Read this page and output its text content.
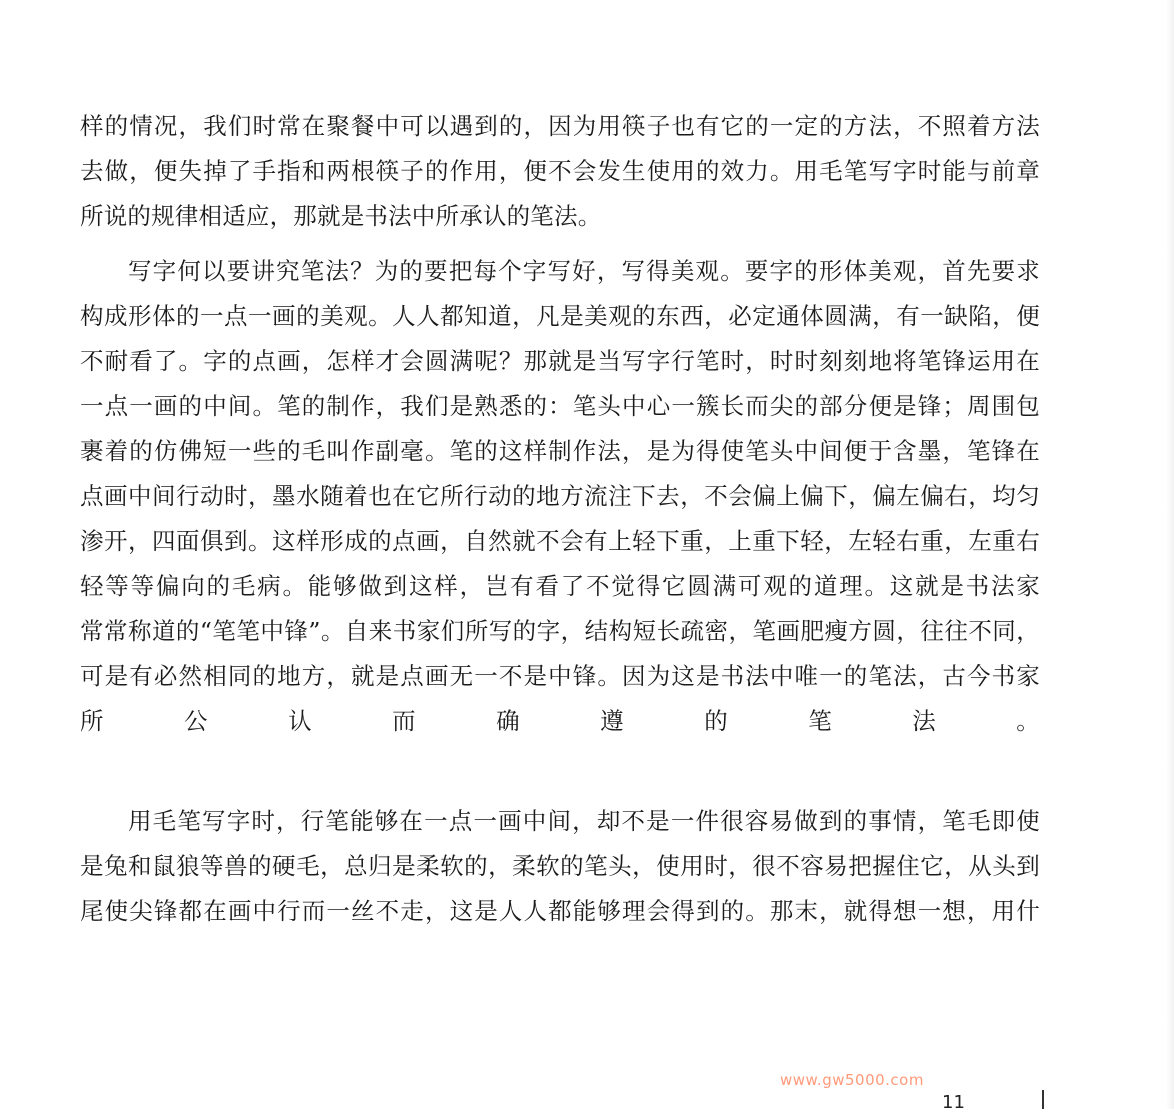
样的情况，我们时常在聚餐中可以遇到的，因为用筷子也有它的一定的方法，不照着方法
去做，便失掉了手指和两根筷子的作用，便不会发生使用的效力。用毛笔写字时能与前章
所说的规律相适应，那就是书法中所承认的笔法。
写字何以要讲究笔法？为的要把每个字写好，写得美观。要字的形体美观，首先要求
构成形体的一点一画的美观。人人都知道，凡是美观的东西，必定通体圆满，有一缺陷，便
不耐看了。字的点画，怎样才会圆满呢？那就是当写字行笔时，时时刻刻地将笔锋运用在
一点一画的中间。笔的制作，我们是熟悉的：笔头中心一簇长而尖的部分便是锋；周围包
裹着的仿佛短一些的毛叫作副毫。笔的这样制作法，是为得使笔头中间便于含墨，笔锋在
点画中间行动时，墨水随着也在它所行动的地方流注下去，不会偏上偏下，偏左偏右，均匀
渗开，四面俱到。这样形成的点画，自然就不会有上轻下重，上重下轻，左轻右重，左重右
轻等等偏向的毛病。能够做到这样，岂有看了不觉得它圆满可观的道理。这就是书法家
常常称道的“笔笔中锋”。自来书家们所写的字，结构短长疏密，笔画肥瘦方圆，往往不同，
可是有必然相同的地方，就是点画无一不是中锋。因为这是书法中唯一的笔法，古今书家
所公认而确遵的笔法。
用毛笔写字时，行笔能够在一点一画中间，却不是一件很容易做到的事情，笔毛即使
是兔和鼠狼等兽的硬毛，总归是柔软的，柔软的笔头，使用时，很不容易把握住它，从头到
尾使尖锋都在画中行而一丝不走，这是人人都能够理会得到的。那末，就得想一想，用什
www.gw5000.com
11
